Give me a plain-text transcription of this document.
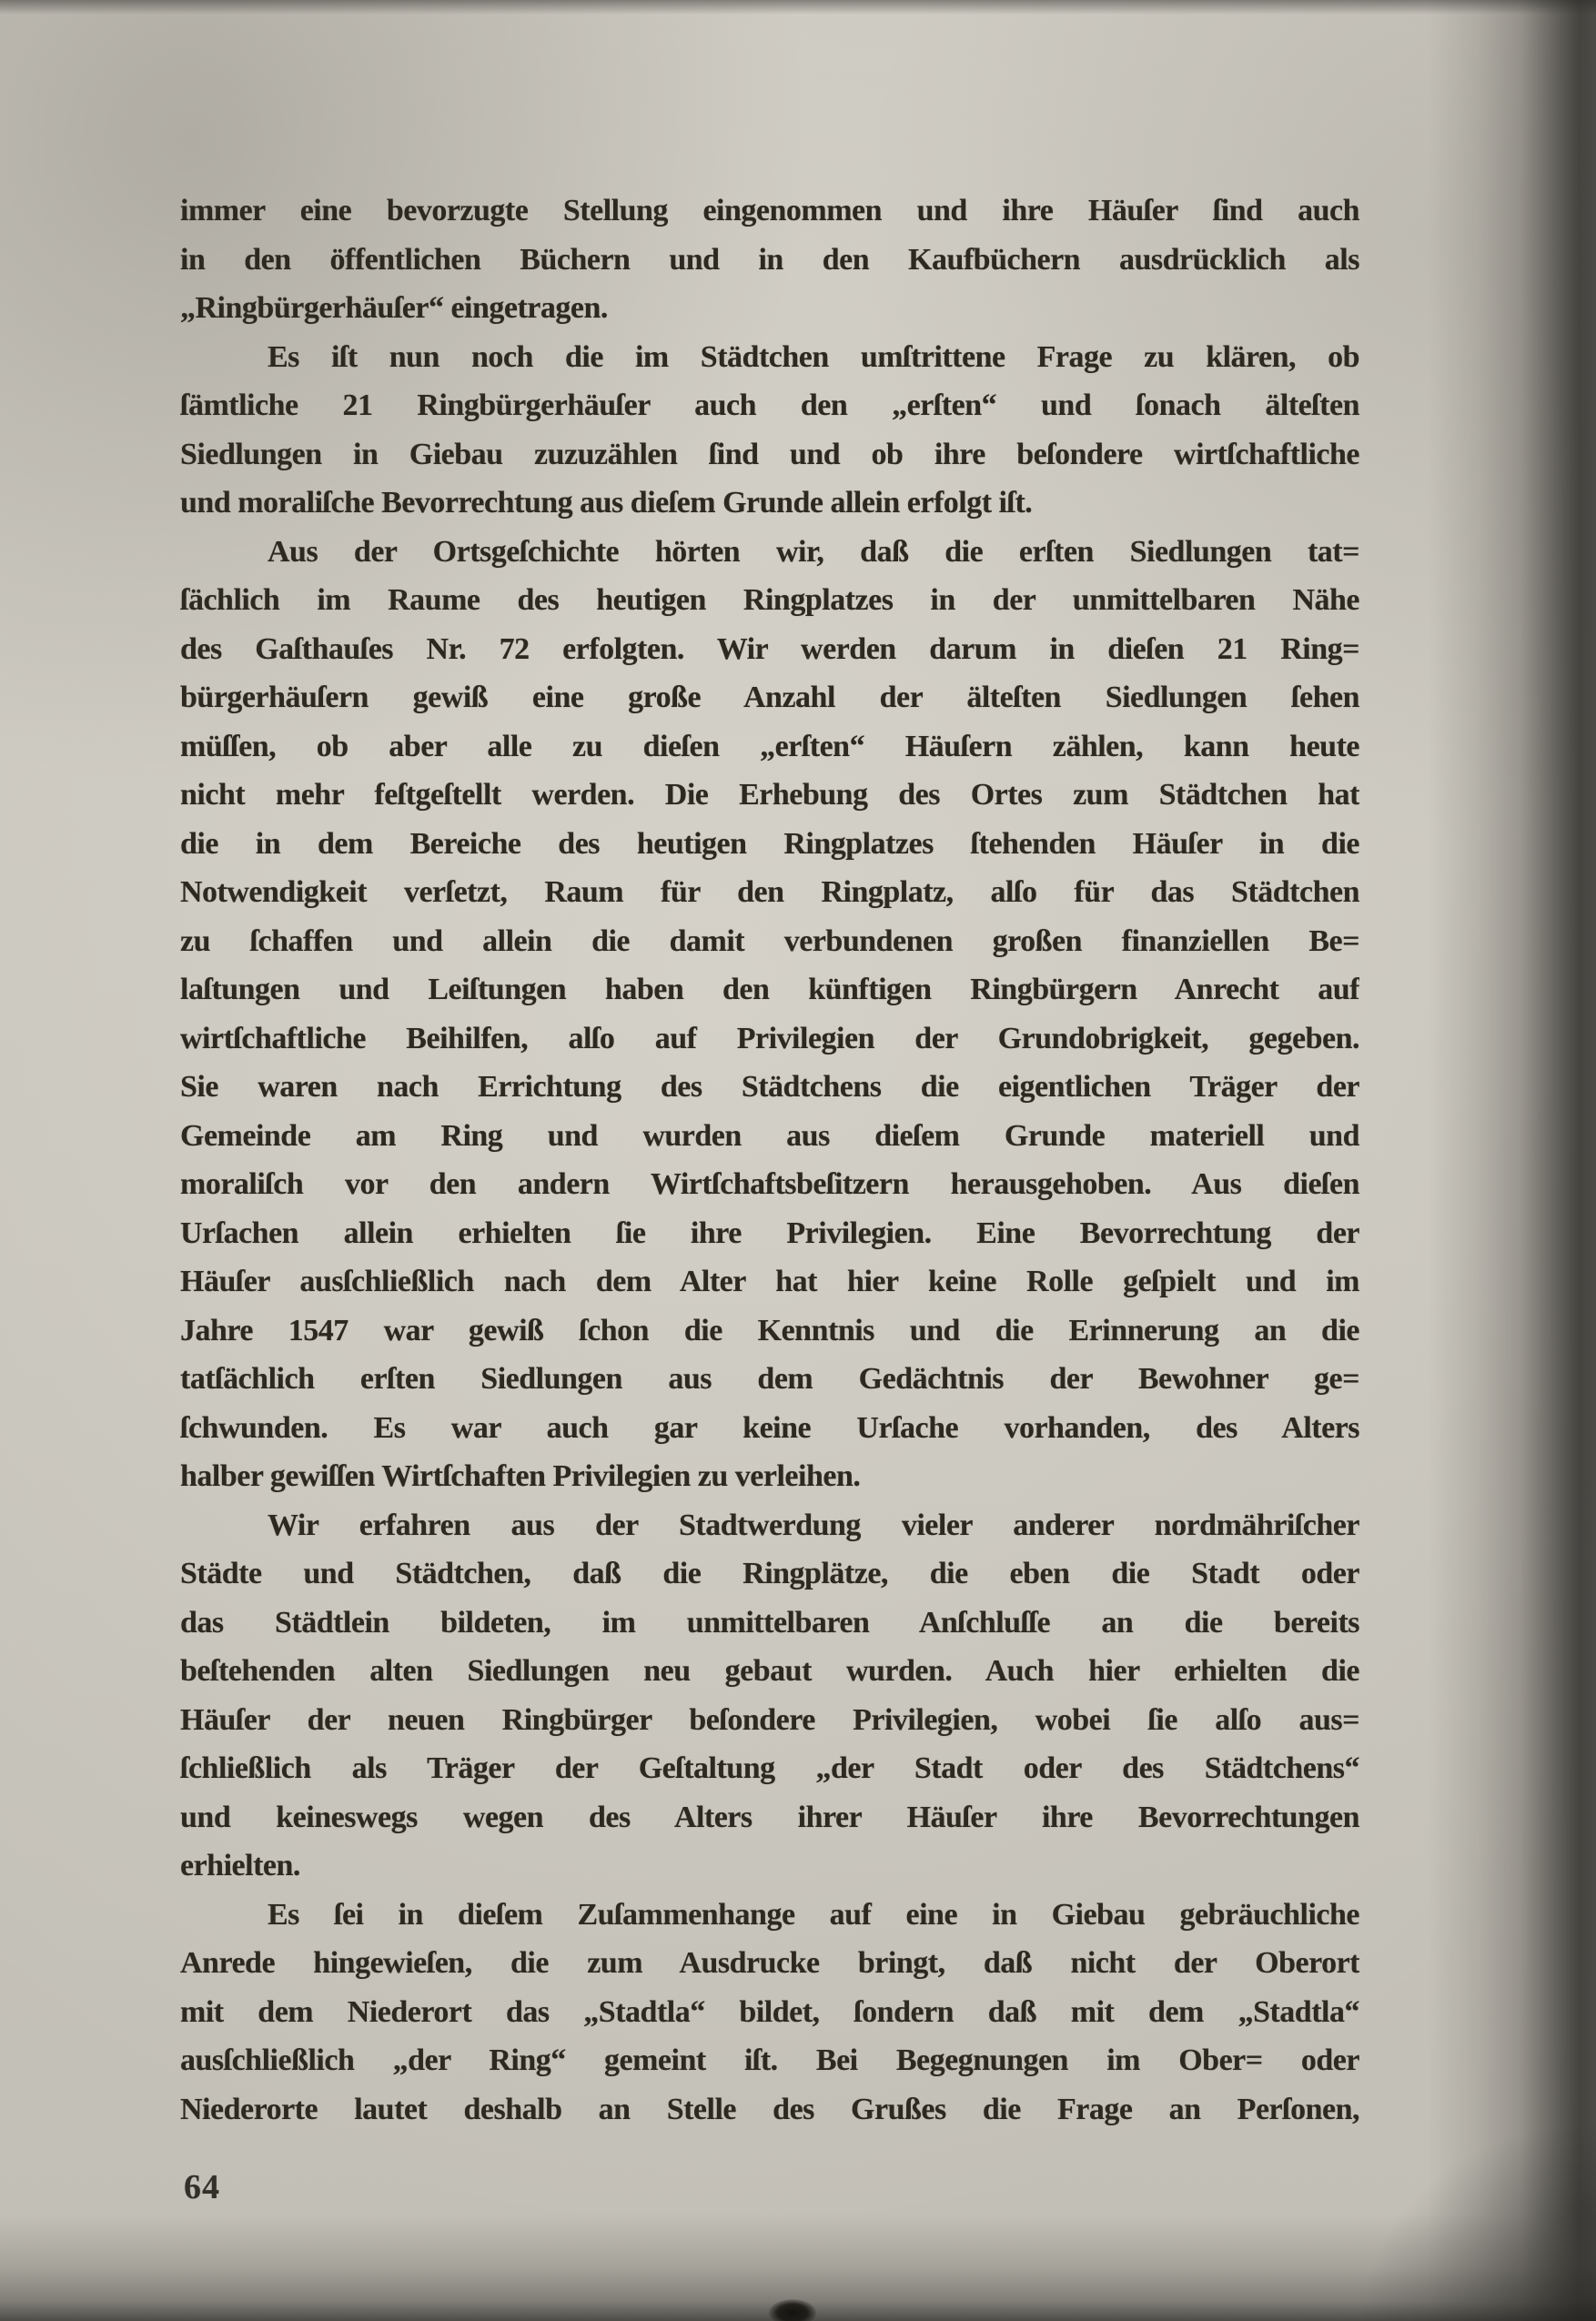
immer eine bevorzugte Stellung eingenommen und ihre Häuſer ſind auch
in den öffentlichen Büchern und in den Kaufbüchern ausdrücklich als
„Ringbürgerhäuſer“ eingetragen.
Es iſt nun noch die im Städtchen umſtrittene Frage zu klären, ob
ſämtliche 21 Ringbürgerhäuſer auch den „erſten“ und ſonach älteſten
Siedlungen in Giebau zuzuzählen ſind und ob ihre beſondere wirtſchaftliche
und moraliſche Bevorrechtung aus dieſem Grunde allein erfolgt iſt.
Aus der Ortsgeſchichte hörten wir, daß die erſten Siedlungen tat=
ſächlich im Raume des heutigen Ringplatzes in der unmittelbaren Nähe
des Gaſthauſes Nr. 72 erfolgten. Wir werden darum in dieſen 21 Ring=
bürgerhäuſern gewiß eine große Anzahl der älteſten Siedlungen ſehen
müſſen, ob aber alle zu dieſen „erſten“ Häuſern zählen, kann heute
nicht mehr feſtgeſtellt werden. Die Erhebung des Ortes zum Städtchen hat
die in dem Bereiche des heutigen Ringplatzes ſtehenden Häuſer in die
Notwendigkeit verſetzt, Raum für den Ringplatz, alſo für das Städtchen
zu ſchaffen und allein die damit verbundenen großen finanziellen Be=
laſtungen und Leiſtungen haben den künftigen Ringbürgern Anrecht auf
wirtſchaftliche Beihilfen, alſo auf Privilegien der Grundobrigkeit, gegeben.
Sie waren nach Errichtung des Städtchens die eigentlichen Träger der
Gemeinde am Ring und wurden aus dieſem Grunde materiell und
moraliſch vor den andern Wirtſchaftsbeſitzern herausgehoben. Aus dieſen
Urſachen allein erhielten ſie ihre Privilegien. Eine Bevorrechtung der
Häuſer ausſchließlich nach dem Alter hat hier keine Rolle geſpielt und im
Jahre 1547 war gewiß ſchon die Kenntnis und die Erinnerung an die
tatſächlich erſten Siedlungen aus dem Gedächtnis der Bewohner ge=
ſchwunden. Es war auch gar keine Urſache vorhanden, des Alters
halber gewiſſen Wirtſchaften Privilegien zu verleihen.
Wir erfahren aus der Stadtwerdung vieler anderer nordmähriſcher
Städte und Städtchen, daß die Ringplätze, die eben die Stadt oder
das Städtlein bildeten, im unmittelbaren Anſchluſſe an die bereits
beſtehenden alten Siedlungen neu gebaut wurden. Auch hier erhielten die
Häuſer der neuen Ringbürger beſondere Privilegien, wobei ſie alſo aus=
ſchließlich als Träger der Geſtaltung „der Stadt oder des Städtchens“
und keineswegs wegen des Alters ihrer Häuſer ihre Bevorrechtungen
erhielten.
Es ſei in dieſem Zuſammenhange auf eine in Giebau gebräuchliche
Anrede hingewieſen, die zum Ausdrucke bringt, daß nicht der Oberort
mit dem Niederort das „Stadtla“ bildet, ſondern daß mit dem „Stadtla“
ausſchließlich „der Ring“ gemeint iſt. Bei Begegnungen im Ober= oder
Niederorte lautet deshalb an Stelle des Grußes die Frage an Perſonen,
64
